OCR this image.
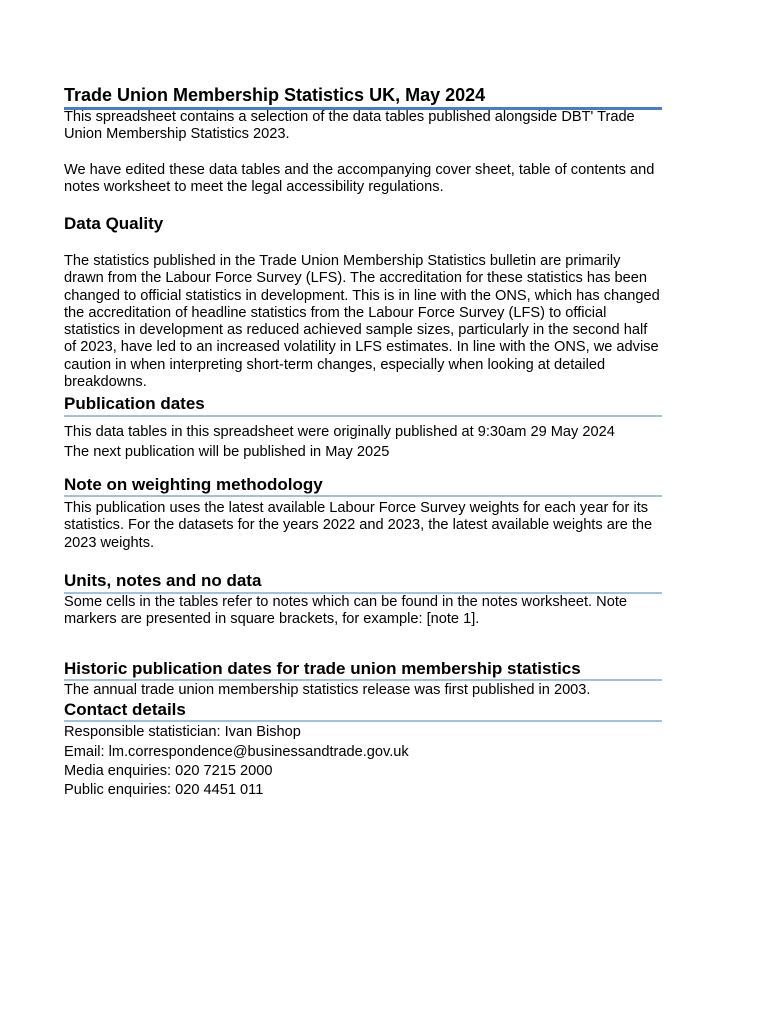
Trade Union Membership Statistics UK, May 2024

This spreadsheet contains a selection of the data tables published alongside DBT' Trade Union Membership Statistics 2023.

We have edited these data tables and the accompanying cover sheet, table of contents and notes worksheet to meet the legal accessibility regulations.

Data Quality

The statistics published in the Trade Union Membership Statistics bulletin are primarily drawn from the Labour Force Survey (LFS). The accreditation for these statistics has been changed to official statistics in development. This is in line with the ONS, which has changed the accreditation of headline statistics from the Labour Force Survey (LFS) to official statistics in development as reduced achieved sample sizes, particularly in the second half of 2023, have led to an increased volatility in LFS estimates. In line with the ONS, we advise caution in when interpreting short-term changes, especially when looking at detailed breakdowns.

Publication dates

This data tables in this spreadsheet were originally published at 9:30am 29 May 2024

The next publication will be published in May 2025

Note on weighting methodology

This publication uses the latest available Labour Force Survey weights for each year for its statistics. For the datasets for the years 2022 and 2023, the latest available weights are the 2023 weights.

Units, notes and no data

Some cells in the tables refer to notes which can be found in the notes worksheet. Note markers are presented in square brackets, for example: [note 1].

Historic publication dates for trade union membership statistics

The annual trade union membership statistics release was first published in 2003.

Contact details

Responsible statistician: Ivan Bishop

Email: lm.correspondence@businessandtrade.gov.uk

Media enquiries: 020 7215 2000

Public enquiries: 020 4451 011
